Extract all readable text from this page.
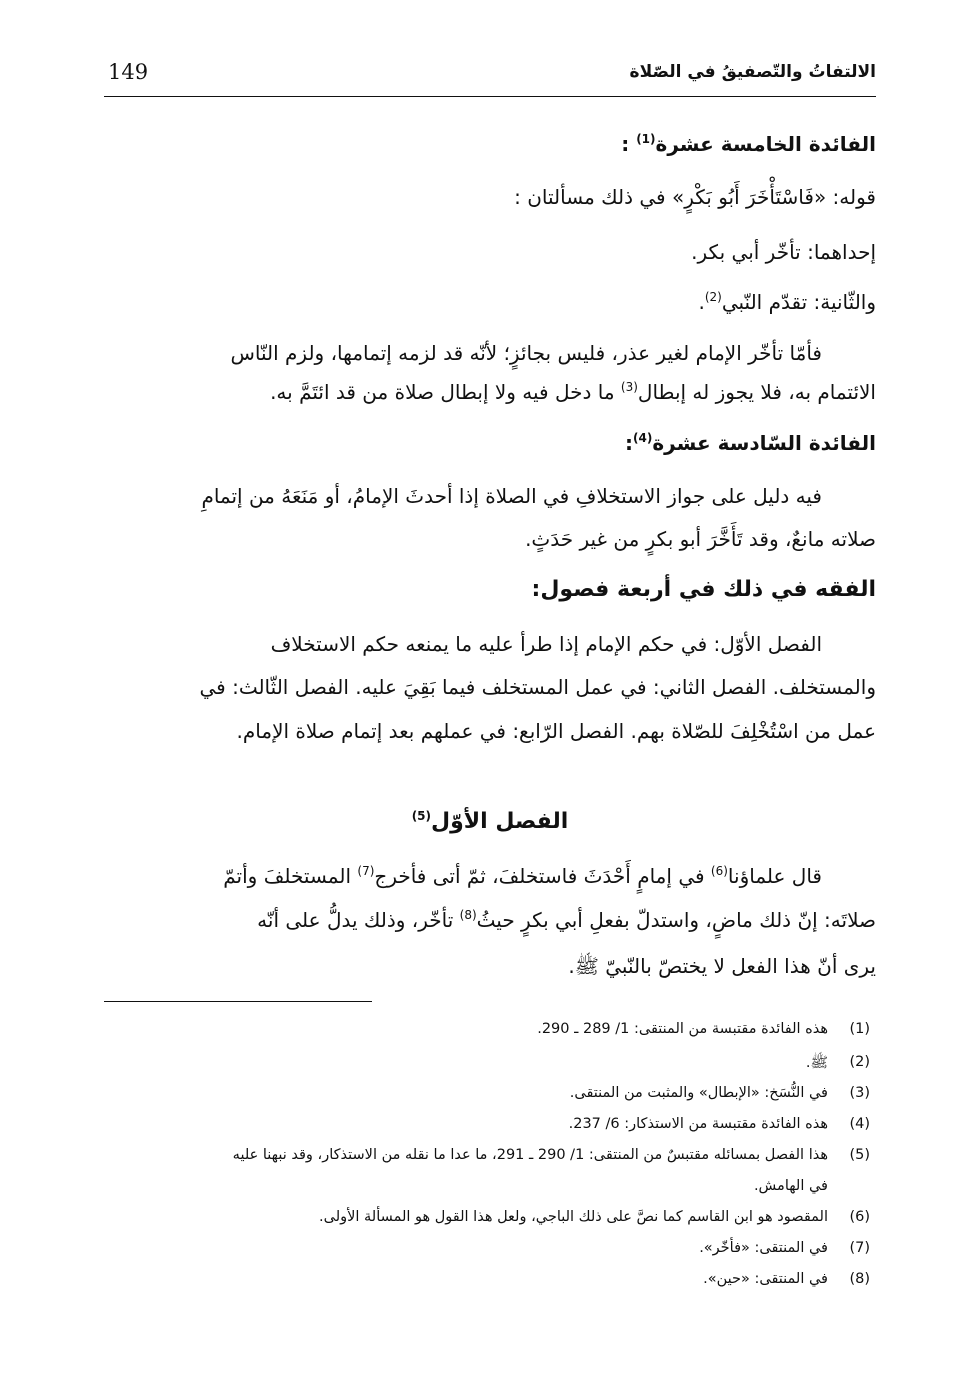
الالتفاتُ والتّصفيقُ في الصّلاة
149
الفائدة الخامسة عشرة$^{(1)}$ :
قوله: «فَاسْتَأْخَرَ أَبُو بَكْرٍ» في ذلك مسألتان :
إحداهما: تأخّر أبي بكر.
والثّانية: تقدّم النّبي$^{(2)}$.
فأمّا تأخّر الإمام لغير عذر، فليس بجائزٍ؛ لأنّه قد لزمه إتمامها، ولزم النّاس
الائتمام به، فلا يجوز له إبطال$^{(3)}$ ما دخل فيه ولا إبطال صلاة من قد ائتَمَّ به.
الفائدة السّادسة عشرة$^{(4)}$:
فيه دليل على جواز الاستخلافِ في الصلاة إذا أحدثَ الإمامُ، أو مَنَعَهُ من إتمامِ
صلاته مانعٌ، وقد تَأَخَّرَ أبو بكرٍ من غير حَدَثٍ.
الفقه في ذلك في أربعة فصول:
الفصل الأوّل: في حكم الإمام إذا طرأ عليه ما يمنعه حكم الاستخلاف
والمستخلف. الفصل الثاني: في عمل المستخلف فيما بَقِيَ عليه. الفصل الثّالث: في
عمل من اسْتُخْلِفَ للصّلاة بهم. الفصل الرّابع: في عملهم بعد إتمام صلاة الإمام.
الفصل الأوّل$^{(5)}$
قال علماؤنا$^{(6)}$ في إمامٍ أَحْدَثَ فاستخلفَ، ثمّ أتى فأخرج$^{(7)}$ المستخلفَ وأتمّ
صلاتَه: إنّ ذلك ماضٍ، واستدلّ بفعلِ أبي بكرٍ حيثُ$^{(8)}$ تأخّر، وذلك يدلُّ على أنّه
يرى أنّ هذا الفعل لا يختصّ بالنّبيّ ﷺ.
(1)
هذه الفائدة مقتبسة من المنتقى: 1/ 289 ـ 290.
(2)
ﷺ.
(3)
في النُّسَخ: «الإبطال» والمثبت من المنتقى.
(4)
هذه الفائدة مقتبسة من الاستذكار: 6/ 237.
(5)
هذا الفصل بمسائله مقتبسٌ من المنتقى: 1/ 290 ـ 291، ما عدا ما نقله من الاستذكار، وقد نبهنا عليه
في الهامش.
(6)
المقصود هو ابن القاسم كما نصَّ على ذلك الباجي، ولعل هذا القول هو المسألة الأولى.
(7)
في المنتقى: «فأخّر».
(8)
في المنتقى: «حين».
